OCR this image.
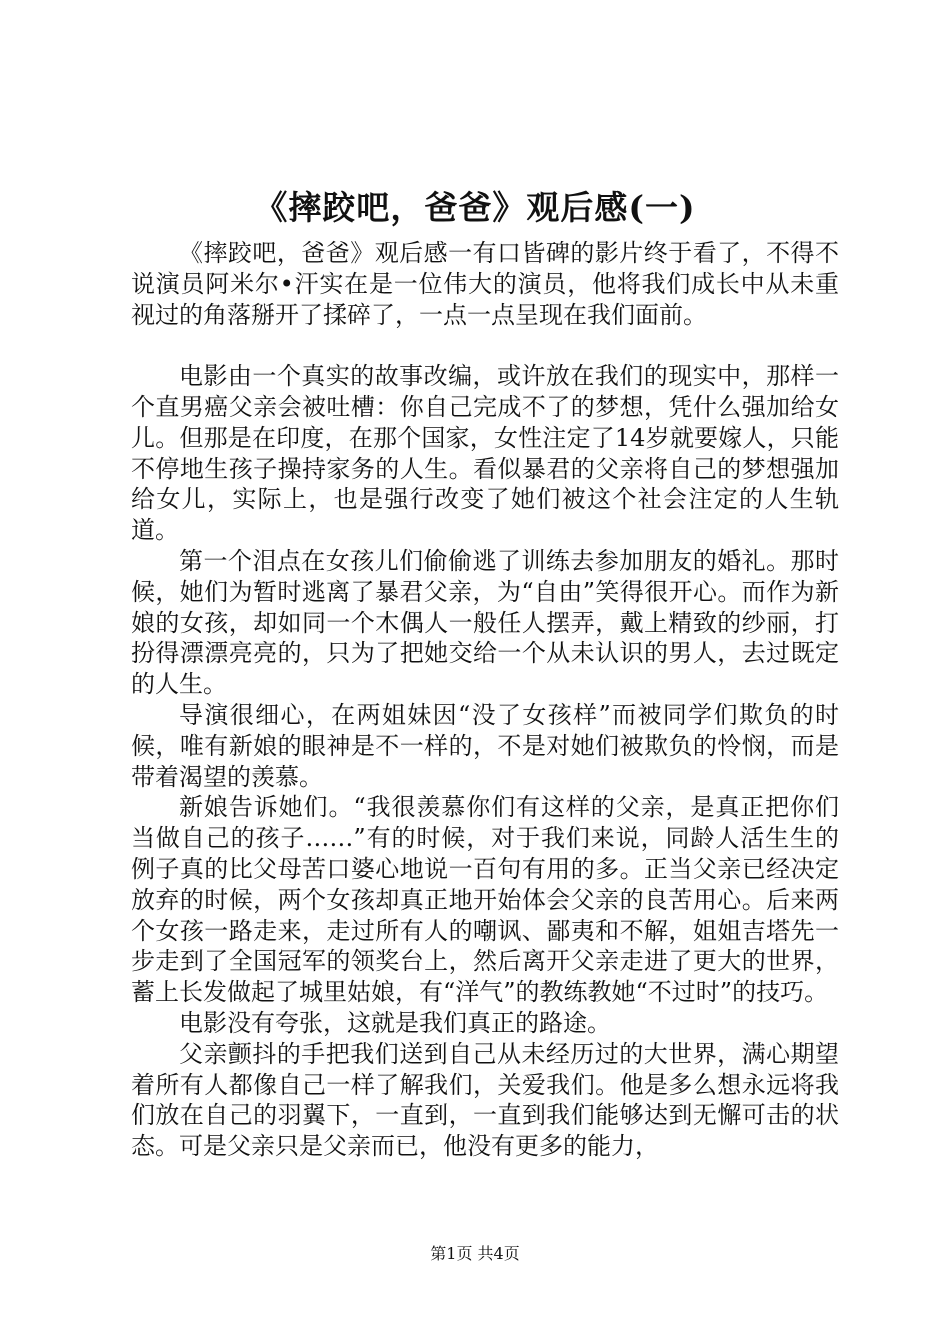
《摔跤吧，爸爸》观后感(一)

《摔跤吧，爸爸》观后感一有口皆碑的影片终于看了，不得不说演员阿米尔•汗实在是一位伟大的演员，他将我们成长中从未重视过的角落掰开了揉碎了，一点一点呈现在我们面前。

电影由一个真实的故事改编，或许放在我们的现实中，那样一个直男癌父亲会被吐槽：你自己完成不了的梦想，凭什么强加给女儿。但那是在印度，在那个国家，女性注定了14岁就要嫁人，只能不停地生孩子操持家务的人生。看似暴君的父亲将自己的梦想强加给女儿，实际上，也是强行改变了她们被这个社会注定的人生轨道。

第一个泪点在女孩儿们偷偷逃了训练去参加朋友的婚礼。那时候，她们为暂时逃离了暴君父亲，为“自由”笑得很开心。而作为新娘的女孩，却如同一个木偶人一般任人摆弄，戴上精致的纱丽，打扮得漂漂亮亮的，只为了把她交给一个从未认识的男人，去过既定的人生。

导演很细心，在两姐妹因“没了女孩样”而被同学们欺负的时候，唯有新娘的眼神是不一样的，不是对她们被欺负的怜悯，而是带着渴望的羡慕。

新娘告诉她们。“我很羡慕你们有这样的父亲，是真正把你们当做自己的孩子……”有的时候，对于我们来说，同龄人活生生的例子真的比父母苦口婆心地说一百句有用的多。正当父亲已经决定放弃的时候，两个女孩却真正地开始体会父亲的良苦用心。后来两个女孩一路走来，走过所有人的嘲讽、鄙夷和不解，姐姐吉塔先一步走到了全国冠军的领奖台上，然后离开父亲走进了更大的世界，蓄上长发做起了城里姑娘，有“洋气”的教练教她“不过时”的技巧。

电影没有夸张，这就是我们真正的路途。

父亲颤抖的手把我们送到自己从未经历过的大世界，满心期望着所有人都像自己一样了解我们，关爱我们。他是多么想永远将我们放在自己的羽翼下，一直到，一直到我们能够达到无懈可击的状态。可是父亲只是父亲而已，他没有更多的能力，

第1页 共4页
